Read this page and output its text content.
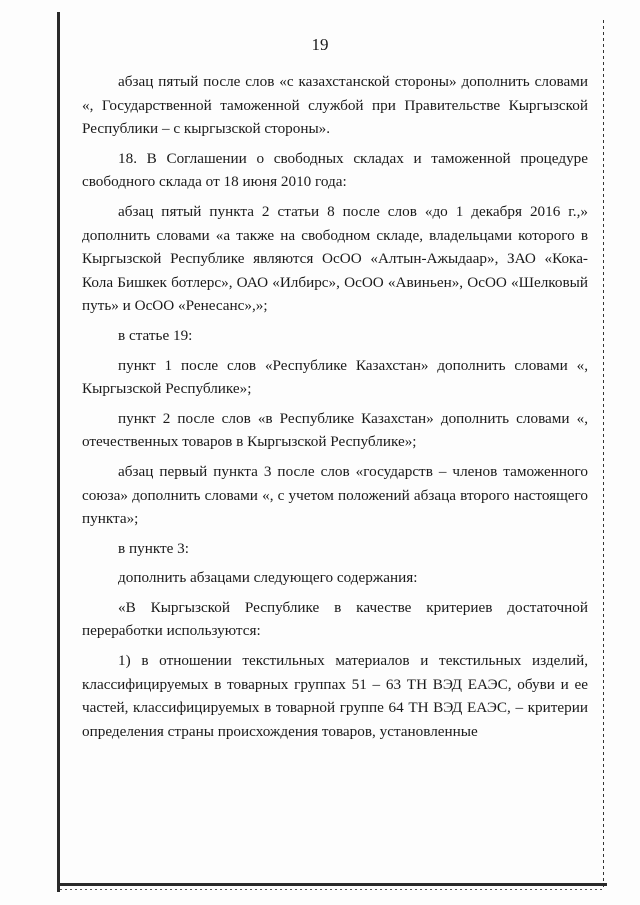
19

абзац пятый после слов «с казахстанской стороны» дополнить словами «, Государственной таможенной службой при Правительстве Кыргызской Республики – с кыргызской стороны».

18. В Соглашении о свободных складах и таможенной процедуре свободного склада от 18 июня 2010 года:

абзац пятый пункта 2 статьи 8 после слов «до 1 декабря 2016 г.,» дополнить словами «а также на свободном складе, владельцами которого в Кыргызской Республике являются ОсОО «Алтын-Ажыдаар», ЗАО «Кока-Кола Бишкек ботлерс», ОАО «Илбирс», ОсОО «Авиньен», ОсОО «Шелковый путь» и ОсОО «Ренесанс»,»;

в статье 19:

пункт 1 после слов «Республике Казахстан» дополнить словами «, Кыргызской Республике»;

пункт 2 после слов «в Республике Казахстан» дополнить словами «, отечественных товаров в Кыргызской Республике»;

абзац первый пункта 3 после слов «государств – членов таможенного союза» дополнить словами «, с учетом положений абзаца второго настоящего пункта»;

в пункте 3:

дополнить абзацами следующего содержания:

«В Кыргызской Республике в качестве критериев достаточной переработки используются:

1) в отношении текстильных материалов и текстильных изделий, классифицируемых в товарных группах 51 – 63 ТН ВЭД ЕАЭС, обуви и ее частей, классифицируемых в товарной группе 64 ТН ВЭД ЕАЭС, – критерии определения страны происхождения товаров, установленные
